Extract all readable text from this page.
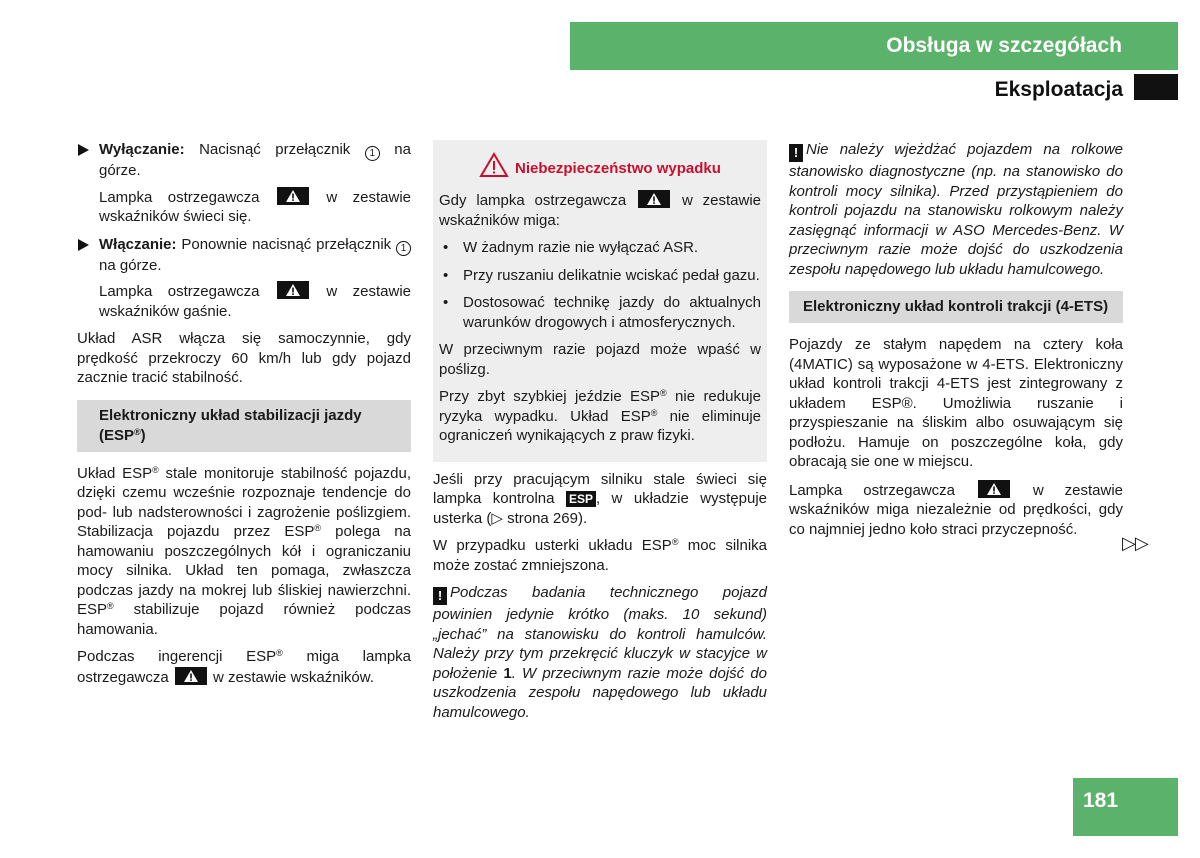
Obsługa w szczegółach
Eksploatacja
Wyłączanie: Nacisnąć przełącznik 1 na górze.

Lampka ostrzegawcza
w zestawie wskaźników świeci się.

Włączanie: Ponownie nacisnąć przełącznik 1 na górze.

Lampka ostrzegawcza
w zestawie wskaźników gaśnie.

Układ ASR włącza się samoczynnie, gdy prędkość przekroczy 60 km/h lub gdy pojazd zacznie tracić stabilność.

Elektroniczny układ stabilizacji jazdy (ESP®)

Układ ESP® stale monitoruje stabilność pojazdu, dzięki czemu wcześnie rozpoznaje tendencje do pod- lub nadsterowności i zagrożenie poślizgiem. Stabilizacja pojazdu przez ESP® polega na hamowaniu poszczególnych kół i ograniczaniu mocy silnika. Układ ten pomaga, zwłaszcza podczas jazdy na mokrej lub śliskiej nawierzchni. ESP® stabilizuje pojazd również podczas hamowania.

Podczas ingerencji ESP® miga lampka ostrzegawcza
w zestawie wskaźników.

Niebezpieczeństwo wypadku

Gdy lampka ostrzegawcza
w zestawie wskaźników miga:

• W żadnym razie nie wyłączać ASR.
• Przy ruszaniu delikatnie wciskać pedał gazu.
• Dostosować technikę jazdy do aktualnych warunków drogowych i atmosferycznych.

W przeciwnym razie pojazd może wpaść w poślizg.

Przy zbyt szybkiej jeździe ESP® nie redukuje ryzyka wypadku. Układ ESP® nie eliminuje ograniczeń wynikających z praw fizyki.

Jeśli przy pracującym silniku stale świeci się lampka kontrolna ESP , w układzie występuje usterka (▷ strona 269).

W przypadku usterki układu ESP® moc silnika może zostać zmniejszona.

! Podczas badania technicznego pojazd powinien jedynie krótko (maks. 10 sekund) „jechać” na stanowisku do kontroli hamulców. Należy przy tym przekręcić kluczyk w stacyjce w położenie 1. W przeciwnym razie może dojść do uszkodzenia zespołu napędowego lub układu hamulcowego.

! Nie należy wjeżdżać pojazdem na rolkowe stanowisko diagnostyczne (np. na stanowisko do kontroli mocy silnika). Przed przystąpieniem do kontroli pojazdu na stanowisku rolkowym należy zasięgnąć informacji w ASO Mercedes-Benz. W przeciwnym razie może dojść do uszkodzenia zespołu napędowego lub układu hamulcowego.

Elektroniczny układ kontroli trakcji (4-ETS)

Pojazdy ze stałym napędem na cztery koła (4MATIC) są wyposażone w 4-ETS. Elektroniczny układ kontroli trakcji 4-ETS jest zintegrowany z układem ESP®. Umożliwia ruszanie i przyspieszanie na śliskim albo osuwającym się podłożu. Hamuje on poszczególne koła, gdy obracają sie one w miejscu.

Lampka ostrzegawcza
w zestawie wskaźników miga niezależnie od prędkości, gdy co najmniej jedno koło straci przyczepność.

▷▷
181
